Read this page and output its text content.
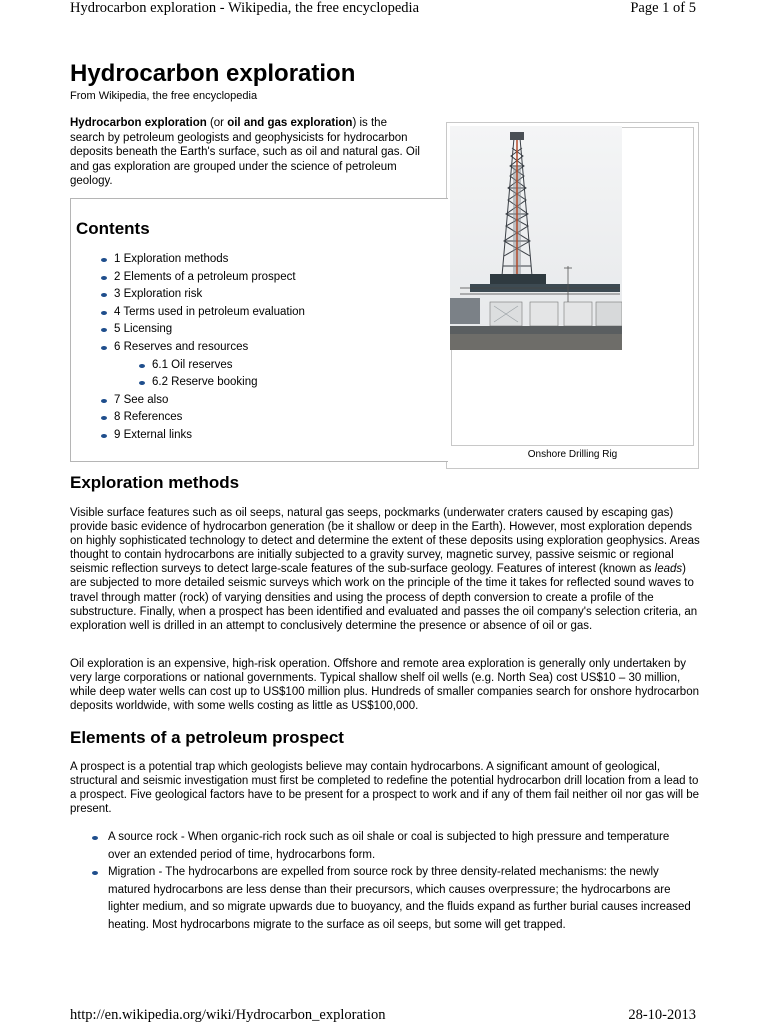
Hydrocarbon exploration - Wikipedia, the free encyclopedia	Page 1 of 5
Hydrocarbon exploration
From Wikipedia, the free encyclopedia

Hydrocarbon exploration (or oil and gas exploration) is the search by petroleum geologists and geophysicists for hydrocarbon deposits beneath the Earth's surface, such as oil and natural gas. Oil and gas exploration are grouped under the science of petroleum geology.

Onshore Drilling Rig
Contents
1 Exploration methods
2 Elements of a petroleum prospect
3 Exploration risk
4 Terms used in petroleum evaluation
5 Licensing
6 Reserves and resources
6.1 Oil reserves
6.2 Reserve booking
7 See also
8 References
9 External links
Exploration methods

Visible surface features such as oil seeps, natural gas seeps, pockmarks (underwater craters caused by escaping gas) provide basic evidence of hydrocarbon generation (be it shallow or deep in the Earth). However, most exploration depends on highly sophisticated technology to detect and determine the extent of these deposits using exploration geophysics. Areas thought to contain hydrocarbons are initially subjected to a gravity survey, magnetic survey, passive seismic or regional seismic reflection surveys to detect large-scale features of the sub-surface geology. Features of interest (known as leads) are subjected to more detailed seismic surveys which work on the principle of the time it takes for reflected sound waves to travel through matter (rock) of varying densities and using the process of depth conversion to create a profile of the substructure. Finally, when a prospect has been identified and evaluated and passes the oil company's selection criteria, an exploration well is drilled in an attempt to conclusively determine the presence or absence of oil or gas.

Oil exploration is an expensive, high-risk operation. Offshore and remote area exploration is generally only undertaken by very large corporations or national governments. Typical shallow shelf oil wells (e.g. North Sea) cost US$10 – 30 million, while deep water wells can cost up to US$100 million plus. Hundreds of smaller companies search for onshore hydrocarbon deposits worldwide, with some wells costing as little as US$100,000.

Elements of a petroleum prospect

A prospect is a potential trap which geologists believe may contain hydrocarbons. A significant amount of geological, structural and seismic investigation must first be completed to redefine the potential hydrocarbon drill location from a lead to a prospect. Five geological factors have to be present for a prospect to work and if any of them fail neither oil nor gas will be present.

A source rock - When organic-rich rock such as oil shale or coal is subjected to high pressure and temperature over an extended period of time, hydrocarbons form.
Migration - The hydrocarbons are expelled from source rock by three density-related mechanisms: the newly matured hydrocarbons are less dense than their precursors, which causes overpressure; the hydrocarbons are lighter medium, and so migrate upwards due to buoyancy, and the fluids expand as further burial causes increased heating. Most hydrocarbons migrate to the surface as oil seeps, but some will get trapped.
http://en.wikipedia.org/wiki/Hydrocarbon_exploration	28-10-2013
